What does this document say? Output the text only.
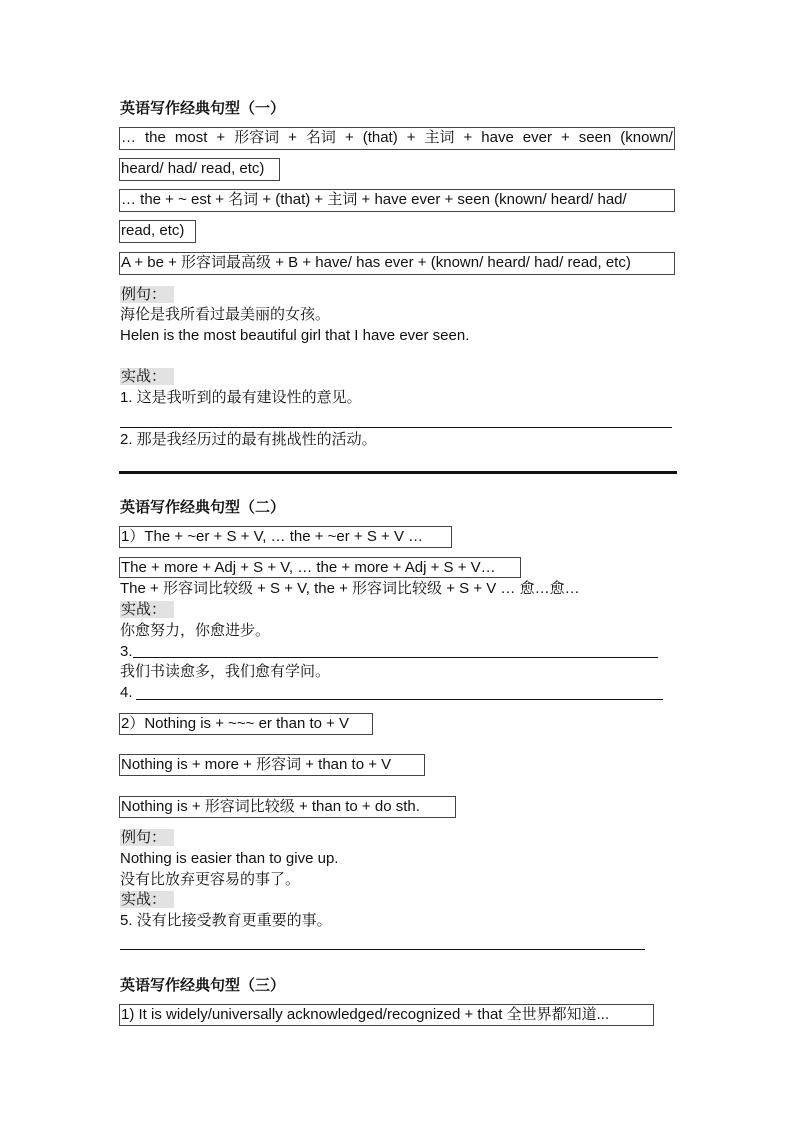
英语写作经典句型（一）
… the most + 形容词 + 名词 + (that) + 主词 + have ever + seen (known/
heard/ had/ read, etc)
… the + ~ est + 名词 + (that) + 主词 + have ever + seen (known/ heard/ had/
read, etc)
A + be + 形容词最高级 + B + have/ has ever + (known/ heard/ had/ read, etc)
例句：
海伦是我所看过最美丽的女孩。
Helen is the most beautiful girl that I have ever seen.
实战：
1. 这是我听到的最有建设性的意见。
2. 那是我经历过的最有挑战性的活动。
英语写作经典句型（二）
1）The + ~er + S + V, … the + ~er + S + V …
The + more + Adj + S + V, … the + more + Adj + S + V…
The + 形容词比较级 + S + V, the + 形容词比较级 + S + V … 愈…愈…
实战：
你愈努力，你愈进步。
3.
我们书读愈多，我们愈有学问。
4.
2）Nothing is + ~~~ er than to + V
Nothing is + more + 形容词 + than to + V
Nothing is + 形容词比较级 + than to + do sth.
例句：
Nothing is easier than to give up.
没有比放弃更容易的事了。
实战：
5. 没有比接受教育更重要的事。
英语写作经典句型（三）
1) It is widely/universally acknowledged/recognized + that 全世界都知道...
